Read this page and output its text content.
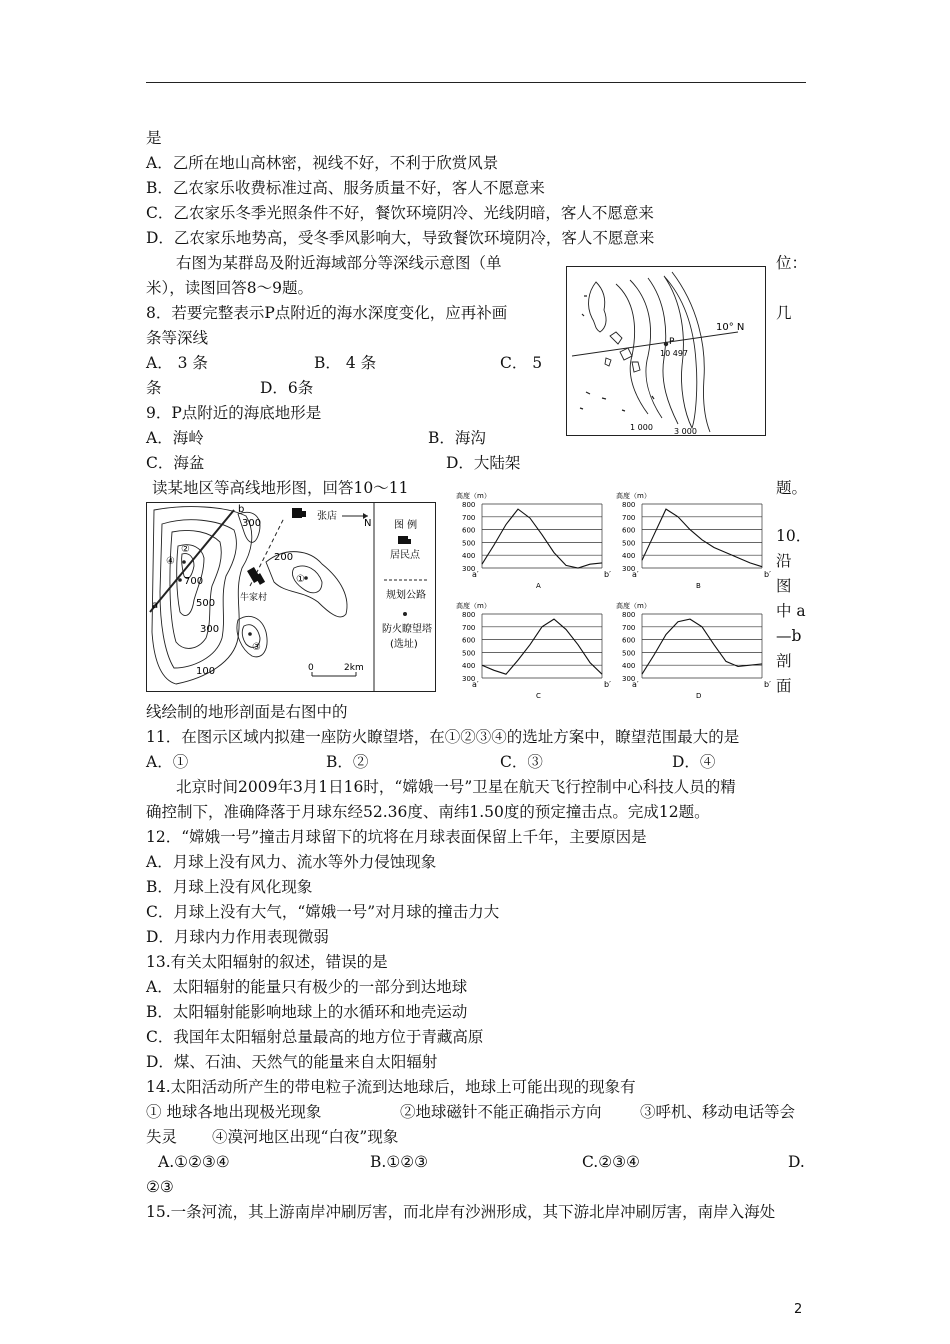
是
A．乙所在地山高林密，视线不好，不利于欣赏风景
B．乙农家乐收费标准过高、服务质量不好，客人不愿意来
C．乙农家乐冬季光照条件不好，餐饮环境阴冷、光线阴暗，客人不愿意来
D．乙农家乐地势高，受冬季风影响大，导致餐饮环境阴冷，客人不愿意来
右图为某群岛及附近海域部分等深线示意图（单	位：
米），读图回答8～9题。
8．若要完整表示P点附近的海水深度变化，应再补画	几
条等深线
A． 3 条	B． 4 条	C． 5
条	D．6条
9．P点附近的海底地形是
A．海岭	B．海沟
C．海盆	D．大陆架
10° N
P
10 497
1 000	3 000
读某地区等高线地形图，回答10～11	题。
张店
牛家村
N
300
200
700
500
300
100
a
b
②
④
①
③
0	2km
图 例
居民点
规划公路
防火瞭望塔
(选址)
高度（m）
300
400
500
600
700
800
a′	b′
A
高度（m）
300
400
500
600
700
800
a′	b′
B
高度（m）
300
400
500
600
700
800
a′	b′
C
高度（m）
300
400
500
600
700
800
a′	b′
D
10．
沿
图
中 a
—b
剖
面
线绘制的地形剖面是右图中的
11．在图示区域内拟建一座防火瞭望塔，在①②③④的选址方案中，瞭望范围最大的是
A．①	B．②	C．③	D．④
北京时间2009年3月1日16时，“嫦娥一号”卫星在航天飞行控制中心科技人员的精
确控制下，准确降落于月球东经52.36度、南纬1.50度的预定撞击点。完成12题。
12．“嫦娥一号”撞击月球留下的坑将在月球表面保留上千年，主要原因是
A．月球上没有风力、流水等外力侵蚀现象
B．月球上没有风化现象
C．月球上没有大气，“嫦娥一号”对月球的撞击力大
D．月球内力作用表现微弱
13.有关太阳辐射的叙述，错误的是
A．太阳辐射的能量只有极少的一部分到达地球
B．太阳辐射能影响地球上的水循环和地壳运动
C．我国年太阳辐射总量最高的地方位于青藏高原
D．煤、石油、天然气的能量来自太阳辐射
14.太阳活动所产生的带电粒子流到达地球后，地球上可能出现的现象有
① 地球各地出现极光现象	②地球磁针不能正确指示方向 ③呼机、移动电话等会
失灵 ④漠河地区出现“白夜”现象
A.①②③④	B.①②③	C.②③④	D.
②③
15.一条河流，其上游南岸冲刷厉害，而北岸有沙洲形成，其下游北岸冲刷厉害，南岸入海处
2
